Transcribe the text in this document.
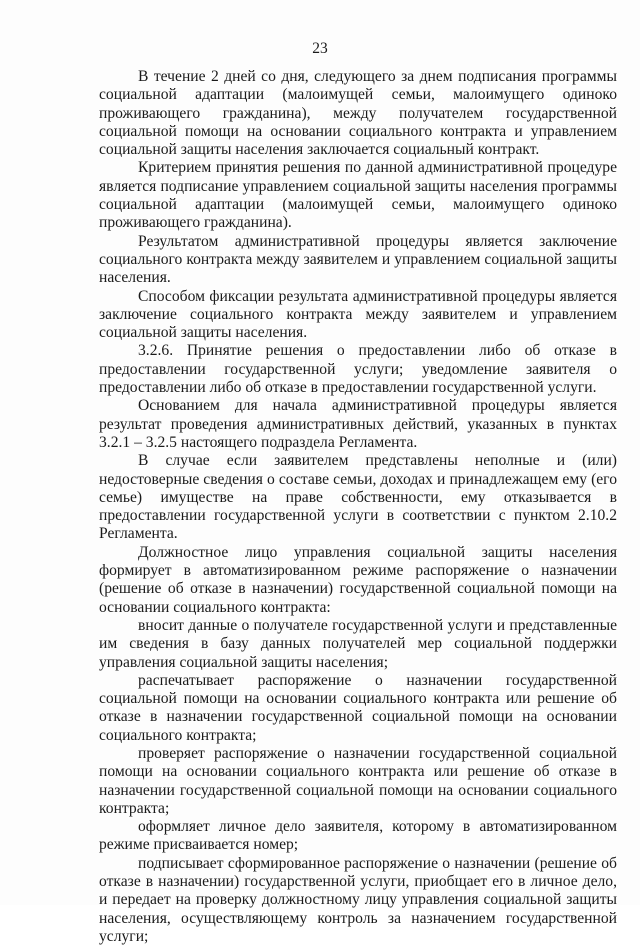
23

В течение 2 дней со дня, следующего за днем подписания программы социальной адаптации (малоимущей семьи, малоимущего одиноко проживающего гражданина), между получателем государственной социальной помощи на основании социального контракта и управлением социальной защиты населения заключается социальный контракт.

Критерием принятия решения по данной административной процедуре является подписание управлением социальной защиты населения программы социальной адаптации (малоимущей семьи, малоимущего одиноко проживающего гражданина).

Результатом административной процедуры является заключение социального контракта между заявителем и управлением социальной защиты населения.

Способом фиксации результата административной процедуры является заключение социального контракта между заявителем и управлением социальной защиты населения.

3.2.6. Принятие решения о предоставлении либо об отказе в предоставлении государственной услуги; уведомление заявителя о предоставлении либо об отказе в предоставлении государственной услуги.

Основанием для начала административной процедуры является результат проведения административных действий, указанных в пунктах 3.2.1 – 3.2.5 настоящего подраздела Регламента.

В случае если заявителем представлены неполные и (или) недостоверные сведения о составе семьи, доходах и принадлежащем ему (его семье) имуществе на праве собственности, ему отказывается в предоставлении государственной услуги в соответствии с пунктом 2.10.2 Регламента.

Должностное лицо управления социальной защиты населения формирует в автоматизированном режиме распоряжение о назначении (решение об отказе в назначении) государственной социальной помощи на основании социального контракта:

вносит данные о получателе государственной услуги и представленные им сведения в базу данных получателей мер социальной поддержки управления социальной защиты населения;

распечатывает распоряжение о назначении государственной социальной помощи на основании социального контракта или решение об отказе в назначении государственной социальной помощи на основании социального контракта;

проверяет распоряжение о назначении государственной социальной помощи на основании социального контракта или решение об отказе в назначении государственной социальной помощи на основании социального контракта;

оформляет личное дело заявителя, которому в автоматизированном режиме присваивается номер;

подписывает сформированное распоряжение о назначении (решение об отказе в назначении) государственной услуги, приобщает его в личное дело, и передает на проверку должностному лицу управления социальной защиты населения, осуществляющему контроль за назначением государственной услуги;
